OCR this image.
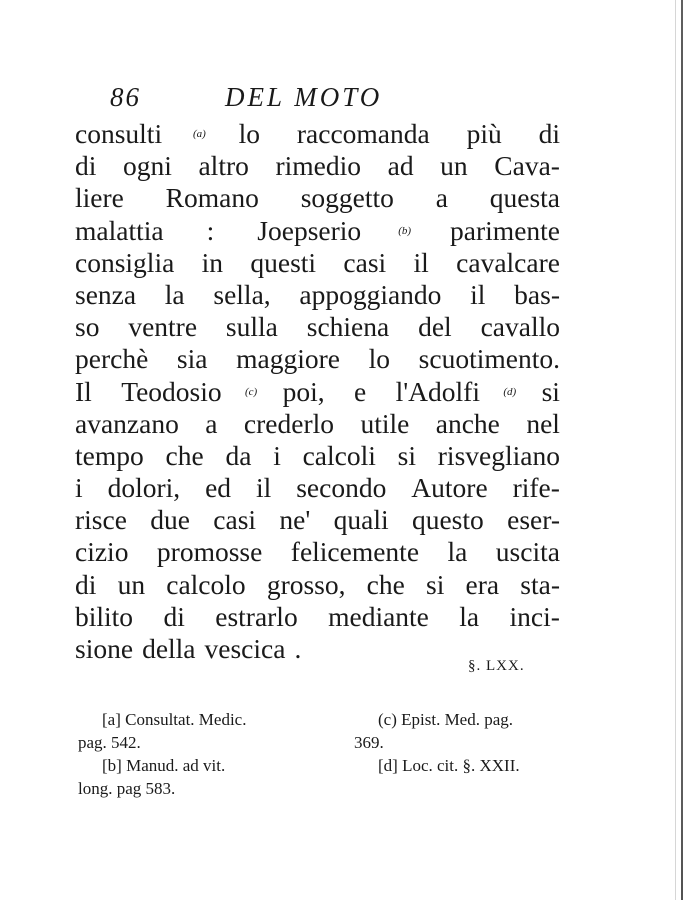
86	DEL MOTO
consulti	(a) lo raccomanda più di
di ogni altro rimedio ad un Cava-
liere Romano soggetto a questa
malattia : Joepserio	(b) parimente
consiglia in questi casi il cavalcare
senza la sella, appoggiando il bas-
so ventre sulla schiena del cavallo
perchè sia maggiore lo scuotimento.
Il Teodosio (c) poi, e l'Adolfi (d) si
avanzano a crederlo utile anche nel
tempo che da i calcoli si risvegliano
i dolori, ed il secondo Autore rife-
risce due casi ne' quali questo eser-
cizio promosse felicemente la uscita
di un calcolo grosso, che si era sta-
bilito di estrarlo mediante la inci-
sione della vescica .
§. LXX.
[a] Consultat. Medic.
pag. 542.
[b] Manud. ad vit.
long. pag 583.
(c) Epist. Med. pag.
369.
[d] Loc. cit. §. XXII.
